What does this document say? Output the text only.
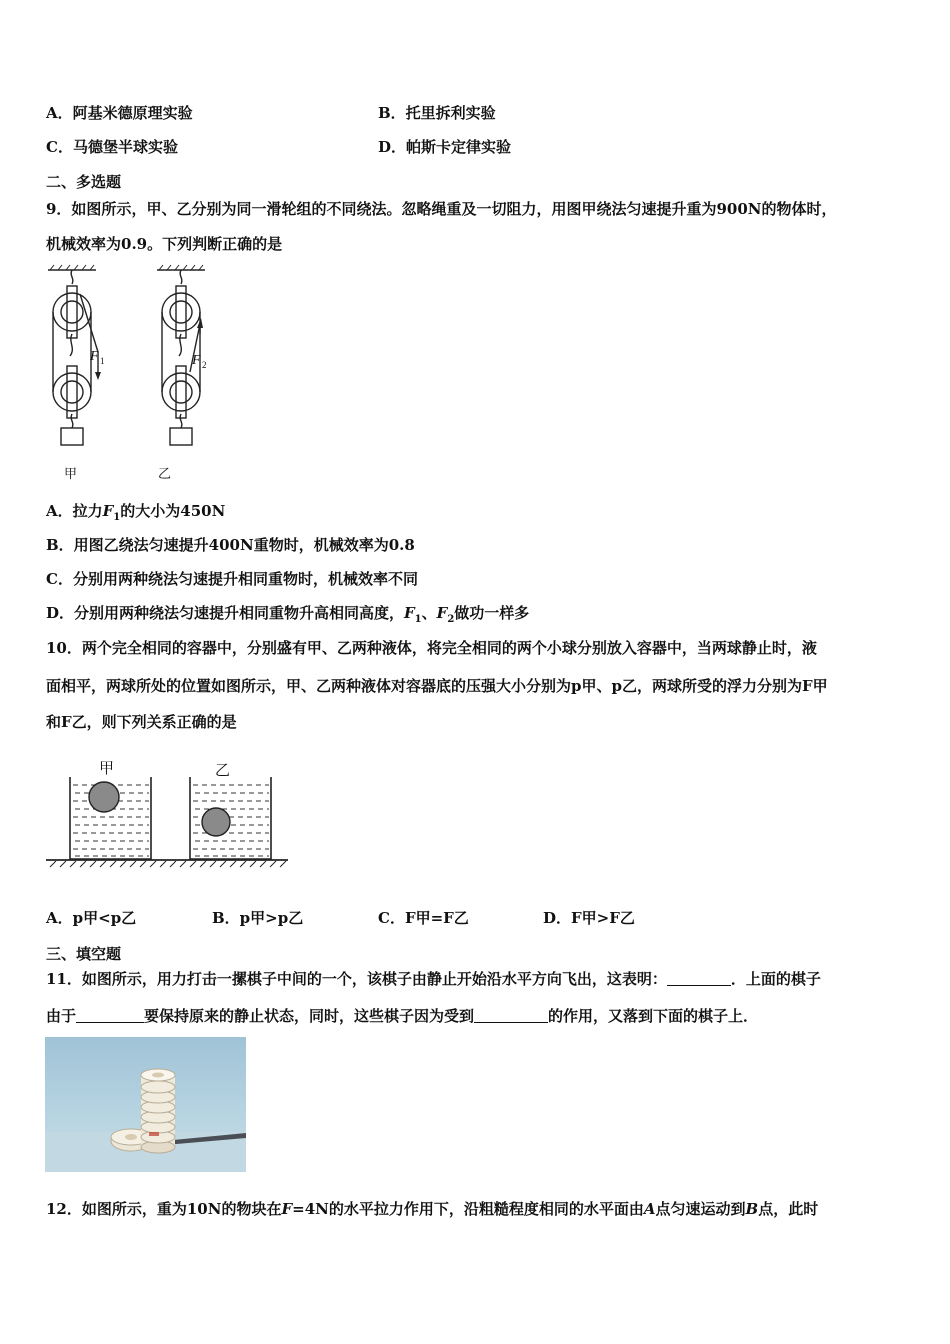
A．阿基米德原理实验	B．托里拆利实验
C．马德堡半球实验	D．帕斯卡定律实验
二、多选题
9．如图所示，甲、乙分别为同一滑轮组的不同绕法。忽略绳重及一切阻力，用图甲绕法匀速提升重为900N的物体时，
机械效率为0.9。下列判断正确的是
F 1	F 2
甲	乙
A．拉力$F_1$的大小为450N
B．用图乙绕法匀速提升400N重物时，机械效率为0.8
C．分别用两种绕法匀速提升相同重物时，机械效率不同
D．分别用两种绕法匀速提升相同重物升高相同高度，$F_1$、$F_2$做功一样多
10．两个完全相同的容器中，分别盛有甲、乙两种液体，将完全相同的两个小球分别放入容器中，当两球静止时，液
面相平，两球所处的位置如图所示，甲、乙两种液体对容器底的压强大小分别为p甲、p乙，两球所受的浮力分别为F甲
和F乙，则下列关系正确的是
甲	乙
A．p甲<p乙	B．p甲>p乙	C．F甲=F乙	D．F甲>F乙
三、填空题
11．如图所示，用力打击一摞棋子中间的一个，该棋子由静止开始沿水平方向飞出，这表明：	．上面的棋子
由于	要保持原来的静止状态，同时，这些棋子因为受到	的作用，又落到下面的棋子上．
12．如图所示，重为10N的物块在F=4N的水平拉力作用下，沿粗糙程度相同的水平面由A点匀速运动到B点，此时
